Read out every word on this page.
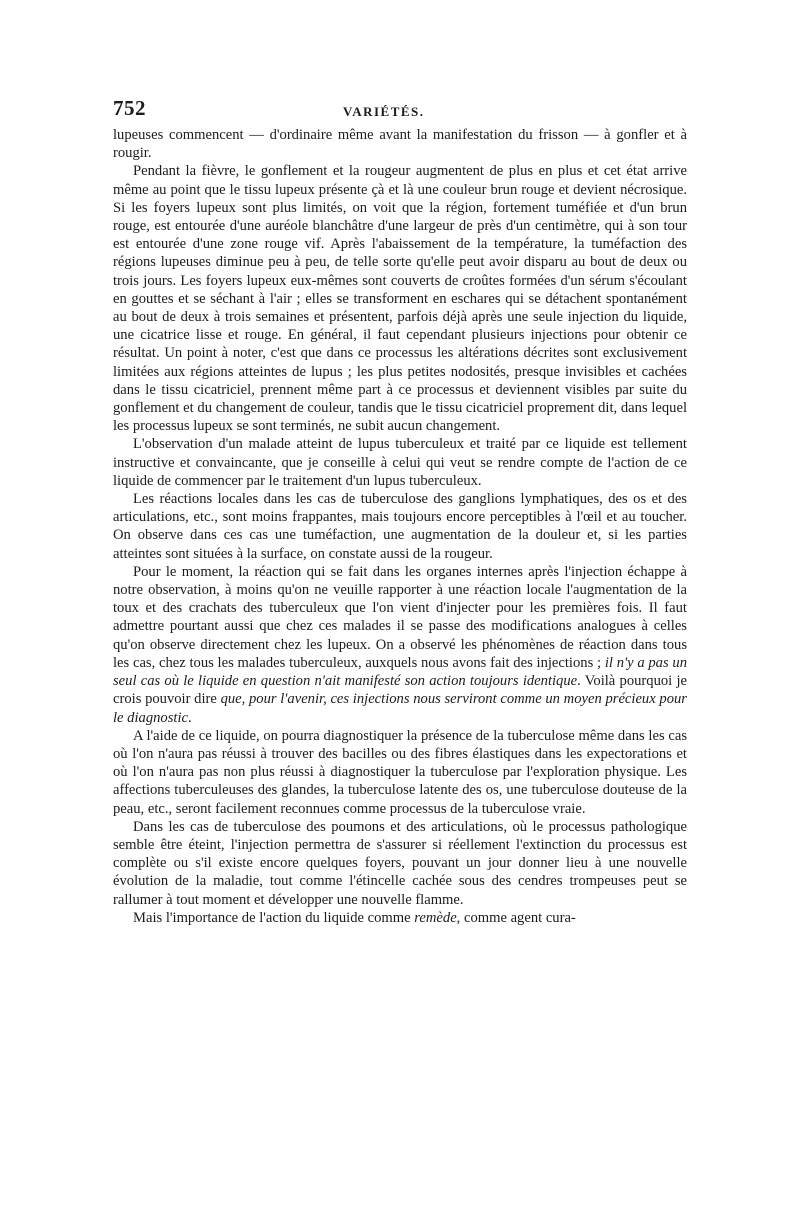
752	VARIÉTÉS.

lupeuses commencent — d'ordinaire même avant la manifestation du frisson — à gonfler et à rougir.

Pendant la fièvre, le gonflement et la rougeur augmentent de plus en plus et cet état arrive même au point que le tissu lupeux présente çà et là une couleur brun rouge et devient nécrosique. Si les foyers lupeux sont plus limités, on voit que la région, fortement tuméfiée et d'un brun rouge, est entourée d'une auréole blanchâtre d'une largeur de près d'un centimètre, qui à son tour est entourée d'une zone rouge vif. Après l'abaissement de la température, la tuméfaction des régions lupeuses diminue peu à peu, de telle sorte qu'elle peut avoir disparu au bout de deux ou trois jours. Les foyers lupeux eux-mêmes sont couverts de croûtes formées d'un sérum s'écoulant en gouttes et se séchant à l'air ; elles se transforment en eschares qui se détachent spontanément au bout de deux à trois semaines et présentent, parfois déjà après une seule injection du liquide, une cicatrice lisse et rouge. En général, il faut cependant plusieurs injections pour obtenir ce résultat. Un point à noter, c'est que dans ce processus les altérations décrites sont exclusivement limitées aux régions atteintes de lupus ; les plus petites nodosités, presque invisibles et cachées dans le tissu cicatriciel, prennent même part à ce processus et deviennent visibles par suite du gonflement et du changement de couleur, tandis que le tissu cicatriciel proprement dit, dans lequel les processus lupeux se sont terminés, ne subit aucun changement.

L'observation d'un malade atteint de lupus tuberculeux et traité par ce liquide est tellement instructive et convaincante, que je conseille à celui qui veut se rendre compte de l'action de ce liquide de commencer par le traitement d'un lupus tuberculeux.

Les réactions locales dans les cas de tuberculose des ganglions lymphatiques, des os et des articulations, etc., sont moins frappantes, mais toujours encore perceptibles à l'œil et au toucher. On observe dans ces cas une tuméfaction, une augmentation de la douleur et, si les parties atteintes sont situées à la surface, on constate aussi de la rougeur.

Pour le moment, la réaction qui se fait dans les organes internes après l'injection échappe à notre observation, à moins qu'on ne veuille rapporter à une réaction locale l'augmentation de la toux et des crachats des tuberculeux que l'on vient d'injecter pour les premières fois. Il faut admettre pourtant aussi que chez ces malades il se passe des modifications analogues à celles qu'on observe directement chez les lupeux. On a observé les phénomènes de réaction dans tous les cas, chez tous les malades tuberculeux, auxquels nous avons fait des injections ; il n'y a pas un seul cas où le liquide en question n'ait manifesté son action toujours identique. Voilà pourquoi je crois pouvoir dire que, pour l'avenir, ces injections nous serviront comme un moyen précieux pour le diagnostic.

A l'aide de ce liquide, on pourra diagnostiquer la présence de la tuberculose même dans les cas où l'on n'aura pas réussi à trouver des bacilles ou des fibres élastiques dans les expectorations et où l'on n'aura pas non plus réussi à diagnostiquer la tuberculose par l'exploration physique. Les affections tuberculeuses des glandes, la tuberculose latente des os, une tuberculose douteuse de la peau, etc., seront facilement reconnues comme processus de la tuberculose vraie.

Dans les cas de tuberculose des poumons et des articulations, où le processus pathologique semble être éteint, l'injection permettra de s'assurer si réellement l'extinction du processus est complète ou s'il existe encore quelques foyers, pouvant un jour donner lieu à une nouvelle évolution de la maladie, tout comme l'étincelle cachée sous des cendres trompeuses peut se rallumer à tout moment et développer une nouvelle flamme.

Mais l'importance de l'action du liquide comme remède, comme agent cura-
